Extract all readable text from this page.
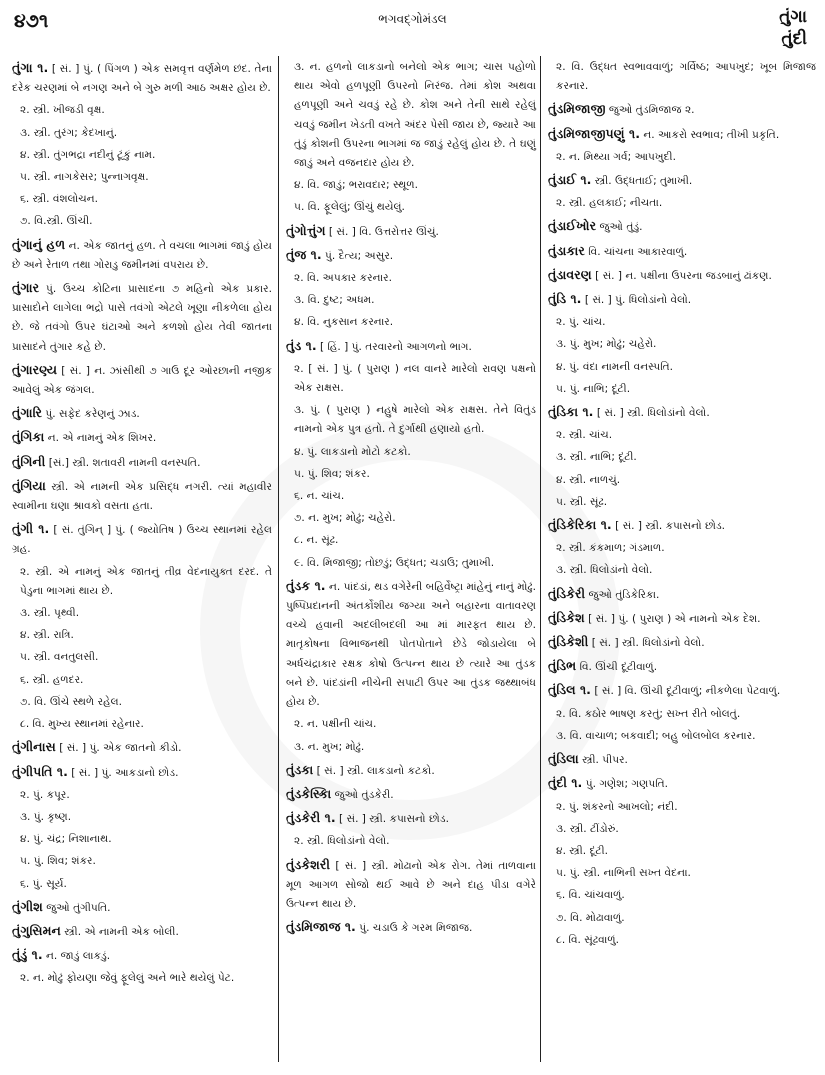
૪૭૧	ભગવદ્ગોમંડલ	તુંગા
તુંદી
તુંગા ૧. [ સં. ] પું. ( પિંગળ ) એક સમવૃત્ત વર્ણમેળ છંદ. તેના દરેક ચરણમાં બે નગણ અને બે ગુરુ મળી આઠ અક્ષર હોય છે.
૨. સ્ત્રી. ખીજડી વૃક્ષ.
૩. સ્ત્રી. તુરંગ; કેદખાનું.
૪. સ્ત્રી. તુંગભદ્રા નદીનું ટૂંકું નામ.
૫. સ્ત્રી. નાગકેસર; પુન્નાગવૃક્ષ.
૬. સ્ત્રી. વંશલોચન.
૭. વિ.સ્ત્રી. ઊંચી.
તુંગાનું હળ ન. એક જાતનું હળ. તે વચલા ભાગમાં જાડું હોય છે અને રેતાળ તથા ગોરાડુ જમીનમાં વપરાય છે.
તુંગાર પું. ઉચ્ચ કોટિના પ્રાસાદના ૭ મહિનો એક પ્રકાર. પ્રાસાદોને લાગેલા ભદ્રો પાસે તવંગો એટલે ખૂણા નીકળેલા હોય છે. જે તવંગો ઉપર ઘંટાઓ અને કળશો હોય તેવી જાતના પ્રાસાદને તુંગાર કહે છે.
તુંગારણ્ય [ સં. ] ન. ઝાંસીથી ૭ ગાઉ દૂર ઓરછાની નજીક આવેલું એક જંગલ.
તુંગારિ પું. સફેદ કરેણનું ઝાડ.
તુંગિકા ન. એ નામનું એક શિખર.
તુંગિની [સં.] સ્ત્રી. શતાવરી નામની વનસ્પતિ.
તુંગિયા સ્ત્રી. એ નામની એક પ્રસિદ્ધ નગરી. ત્યાં મહાવીર સ્વામીના ઘણા શ્રાવકો વસતા હતા.
તુંગી ૧. [ સં. તુંગિન્ ] પું. ( જ્યોતિષ ) ઉચ્ચ સ્થાનમાં રહેલ ગ્રહ.
૨. સ્ત્રી. એ નામનું એક જાતનું તીવ્ર વેદનાયુક્ત દરદ. તે પેડુના ભાગમાં થાય છે.
૩. સ્ત્રી. પૃથ્વી.
૪. સ્ત્રી. રાત્રિ.
૫. સ્ત્રી. વનતુલસી.
૬. સ્ત્રી. હળદર.
૭. વિ. ઊંચે સ્થળે રહેલ.
૮. વિ. મુખ્ય સ્થાનમાં રહેનાર.
તુંગીનાસ [ સં. ] પું. એક જાતનો કીડો.
તુંગીપતિ ૧. [ સં. ] પું. આકડાનો છોડ.
૨. પું. કપૂર.
૩. પું. કૃષ્ણ.
૪. પું. ચંદ્ર; નિશાનાથ.
૫. પું. શિવ; શંકર.
૬. પું. સૂર્ય.
તુંગીશ જુઓ તુંગીપતિ.
તુંગુસિમન સ્ત્રી. એ નામની એક બોલી.
તુંડું ૧. ન. જાડું લાકડું.
૨. ન. મોઢું ફોયણા જેવું ફૂલેલું અને ભારે થયેલું પેટ.
૩. ન. હળનો લાકડાનો બનેલો એક ભાગ; ચાસ પહોળો થાય એવો હળપૂણી ઉપરનો નિરંજ. તેમાં કોશ અથવા હળપૂણી અને ચવડું રહે છે. કોશ અને તેની સાથે રહેલું ચવડું જમીન ખેડતી વખતે અંદર પેસી જાય છે, જ્યારે આ તુંડું કોશની ઉપરના ભાગમાં જ જાડું રહેલું હોય છે. તે ઘણું જાડું અને વજનદાર હોય છે.
૪. વિ. જાડું; ભરાવદાર; સ્થૂળ.
૫. વિ. ફૂલેલું; ઊંચું થયેલું.
તુંગોત્તુંગ [ સં. ] વિ. ઉત્તરોત્તર ઊંચું.
તુંજ ૧. પું. દૈત્ય; અસુર.
૨. વિ. અપકાર કરનાર.
૩. વિ. દુષ્ટ; અધમ.
૪. વિ. નુકસાન કરનાર.
તુંડ ૧. [ હિં. ] પું. તરવારનો આગળનો ભાગ.
૨. [ સં. ] પું. ( પુરાણ ) નલ વાનરે મારેલો રાવણ પક્ષનો એક રાક્ષસ.
૩. પું. ( પુરાણ ) નહુષે મારેલો એક રાક્ષસ. તેને વિતુંડ નામનો એક પુત્ર હતો. તે દુર્ગાથી હણાયો હતો.
૪. પું. લાકડાનો મોટો કટકો.
૫. પું. શિવ; શંકર.
૬. ન. ચાંચ.
૭. ન. મુખ; મોઢું; ચહેરો.
૮. ન. સૂંઢ.
૯. વિ. મિજાજી; તોછડું; ઉદ્ધત; ચડાઉ; તુમાખી.
તુંડક ૧. ન. પાંદડાં, થડ વગેરેની બહિર્વેષ્ટ્રા માંહેનું નાનું મોઢું. પુષ્પિપ્રદાનની અંતર્કોશીય જગ્યા અને બહારના વાતાવરણ વચ્ચે હવાની અદલીબદલી આ માં મારફત થાય છે. માતૃકોષના વિભાજનથી પોતપોતાને છેડે જોડાયેલા બે અર્ધચંદ્રાકાર રક્ષક કોષો ઉત્પન્ન થાય છે ત્યારે આ તુંડક બને છે. પાંદડાંની નીચેની સપાટી ઉપર આ તુંડક જથ્થાબંધ હોય છે.
૨. ન. પક્ષીની ચાંચ.
૩. ન. મુખ; મોઢું.
તુંડકા [ સં. ] સ્ત્રી. લાકડાનો કટકો.
તુંડકેસ્કિા જુઓ તુંડકેરી.
તુંડકેરી ૧. [ સં. ] સ્ત્રી. કપાસનો છોડ.
૨. સ્ત્રી. ધિલોડાંનો વેલો.
તુંડકેશરી [ સં. ] સ્ત્રી. મોઢાનો એક રોગ. તેમાં તાળવાના મૂળ આગળ સોજો થઈ આવે છે અને દાહ પીડા વગેરે ઉત્પન્ન થાય છે.
તુંડમિજાજ ૧. પું. ચડાઉ કે ગરમ મિજાજ.
૨. વિ. ઉદ્ધત સ્વભાવવાળું; ગર્વિષ્ઠ; આપખુદ; ખૂબ મિજાજ કરનાર.
તુંડમિજાજી જુઓ તુંડમિજાજ ૨.
તુંડમિજાજીપણું ૧. ન. આકરો સ્વભાવ; તીખી પ્રકૃતિ.
૨. ન. મિથ્યા ગર્વ; આપખુદી.
તુંડાઈ ૧. સ્ત્રી. ઉદ્ધતાઈ; તુમાખી.
૨. સ્ત્રી. હલકાઈ; નીચતા.
તુંડાઈખોર જુઓ તુંડું.
તુંડાકાર વિ. ચાંચના આકારવાળું.
તુંડાવરણ [ સં. ] ન. પક્ષીના ઉપરના જડબાનું ઢાંકણ.
તુંડિ ૧. [ સં. ] પું. ધિલોડાંનો વેલો.
૨. પું. ચાંચ.
૩. પું. મુખ; મોઢું; ચહેરો.
૪. પું. વંદા નામની વનસ્પતિ.
૫. પું. નાભિ; દૂંટી.
તુંડિકા ૧. [ સં. ] સ્ત્રી. ધિલોડાંનો વેલો.
૨. સ્ત્રી. ચાંચ.
૩. સ્ત્રી. નાભિ; દૂંટી.
૪. સ્ત્રી. નાળચું.
૫. સ્ત્રી. સૂંઢ.
તુંડિકેરિકા ૧. [ સં. ] સ્ત્રી. કપાસનો છોડ.
૨. સ્ત્રી. કંકમાળ; ગંડમાળ.
૩. સ્ત્રી. ધિલોડાંનો વેલો.
તુંડિકેરી જુઓ તુંડિકેરિકા.
તુંડિકેશ [ સં. ] પું. ( પુરાણ ) એ નામનો એક દેશ.
તુંડિકેશી [ સં. ] સ્ત્રી. ધિલોડાંનો વેલો.
તુંડિભ વિ. ઊંચી દૂંટીવાળું.
તુંડિલ ૧. [ સં. ] વિ. ઊંચી દૂંટીવાળું; નીકળેલા પેટવાળું.
૨. વિ. કઠોર ભાષણ કરતું; સખ્ત રીતે બોલતું.
૩. વિ. વાચાળ; બકવાદી; બહુ બોલબોલ કરનાર.
તુંડિલા સ્ત્રી. પીપર.
તુંદી ૧. પું. ગણેશ; ગણપતિ.
૨. પું. શંકરનો આખલો; નંદી.
૩. સ્ત્રી. ટીંડોરું.
૪. સ્ત્રી. દૂંટી.
૫. પું. સ્ત્રી. નાભિની સખ્ત વેદના.
૬. વિ. ચાંચવાળું.
૭. વિ. મોઢાવાળું.
૮. વિ. સૂંઢવાળું.
